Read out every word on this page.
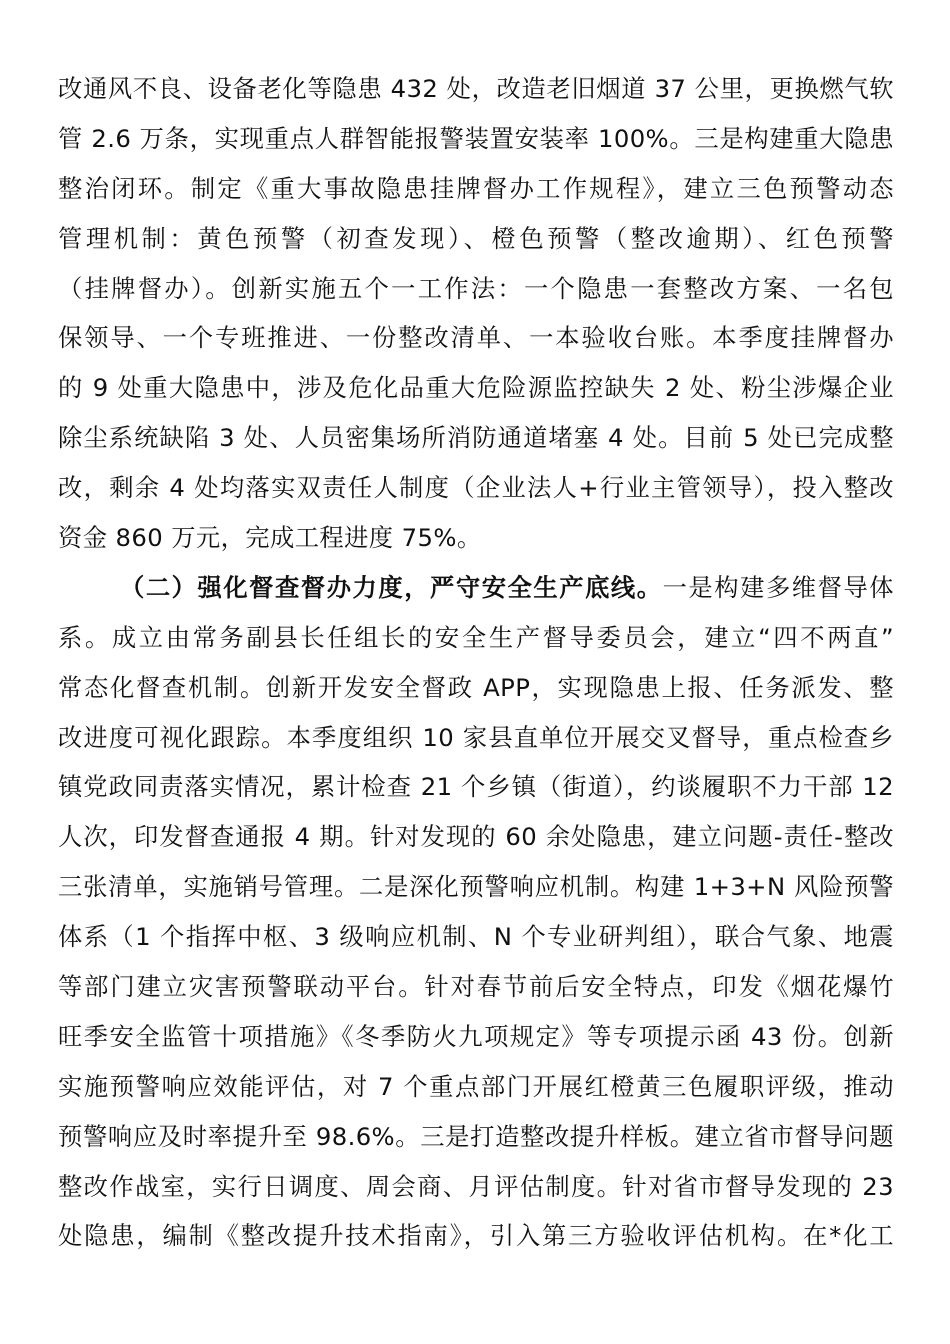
改通风不良、设备老化等隐患 432 处，改造老旧烟道 37 公里，更换燃气软
管 2.6 万条，实现重点人群智能报警装置安装率 100%。三是构建重大隐患
整治闭环。制定《重大事故隐患挂牌督办工作规程》，建立三色预警动态
管理机制：黄色预警（初查发现）、橙色预警（整改逾期）、红色预警
（挂牌督办）。创新实施五个一工作法：一个隐患一套整改方案、一名包
保领导、一个专班推进、一份整改清单、一本验收台账。本季度挂牌督办
的 9 处重大隐患中，涉及危化品重大危险源监控缺失 2 处、粉尘涉爆企业
除尘系统缺陷 3 处、人员密集场所消防通道堵塞 4 处。目前 5 处已完成整
改，剩余 4 处均落实双责任人制度（企业法人+行业主管领导），投入整改
资金 860 万元，完成工程进度 75%。
（二）强化督查督办力度，严守安全生产底线。一是构建多维督导体
系。成立由常务副县长任组长的安全生产督导委员会，建立“四不两直”
常态化督查机制。创新开发安全督政 APP，实现隐患上报、任务派发、整
改进度可视化跟踪。本季度组织 10 家县直单位开展交叉督导，重点检查乡
镇党政同责落实情况，累计检查 21 个乡镇（街道），约谈履职不力干部 12
人次，印发督查通报 4 期。针对发现的 60 余处隐患，建立问题-责任-整改
三张清单，实施销号管理。二是深化预警响应机制。构建 1+3+N 风险预警
体系（1 个指挥中枢、3 级响应机制、N 个专业研判组），联合气象、地震
等部门建立灾害预警联动平台。针对春节前后安全特点，印发《烟花爆竹
旺季安全监管十项措施》《冬季防火九项规定》等专项提示函 43 份。创新
实施预警响应效能评估，对 7 个重点部门开展红橙黄三色履职评级，推动
预警响应及时率提升至 98.6%。三是打造整改提升样板。建立省市督导问题
整改作战室，实行日调度、周会商、月评估制度。针对省市督导发现的 23
处隐患，编制《整改提升技术指南》，引入第三方验收评估机构。在*化工
